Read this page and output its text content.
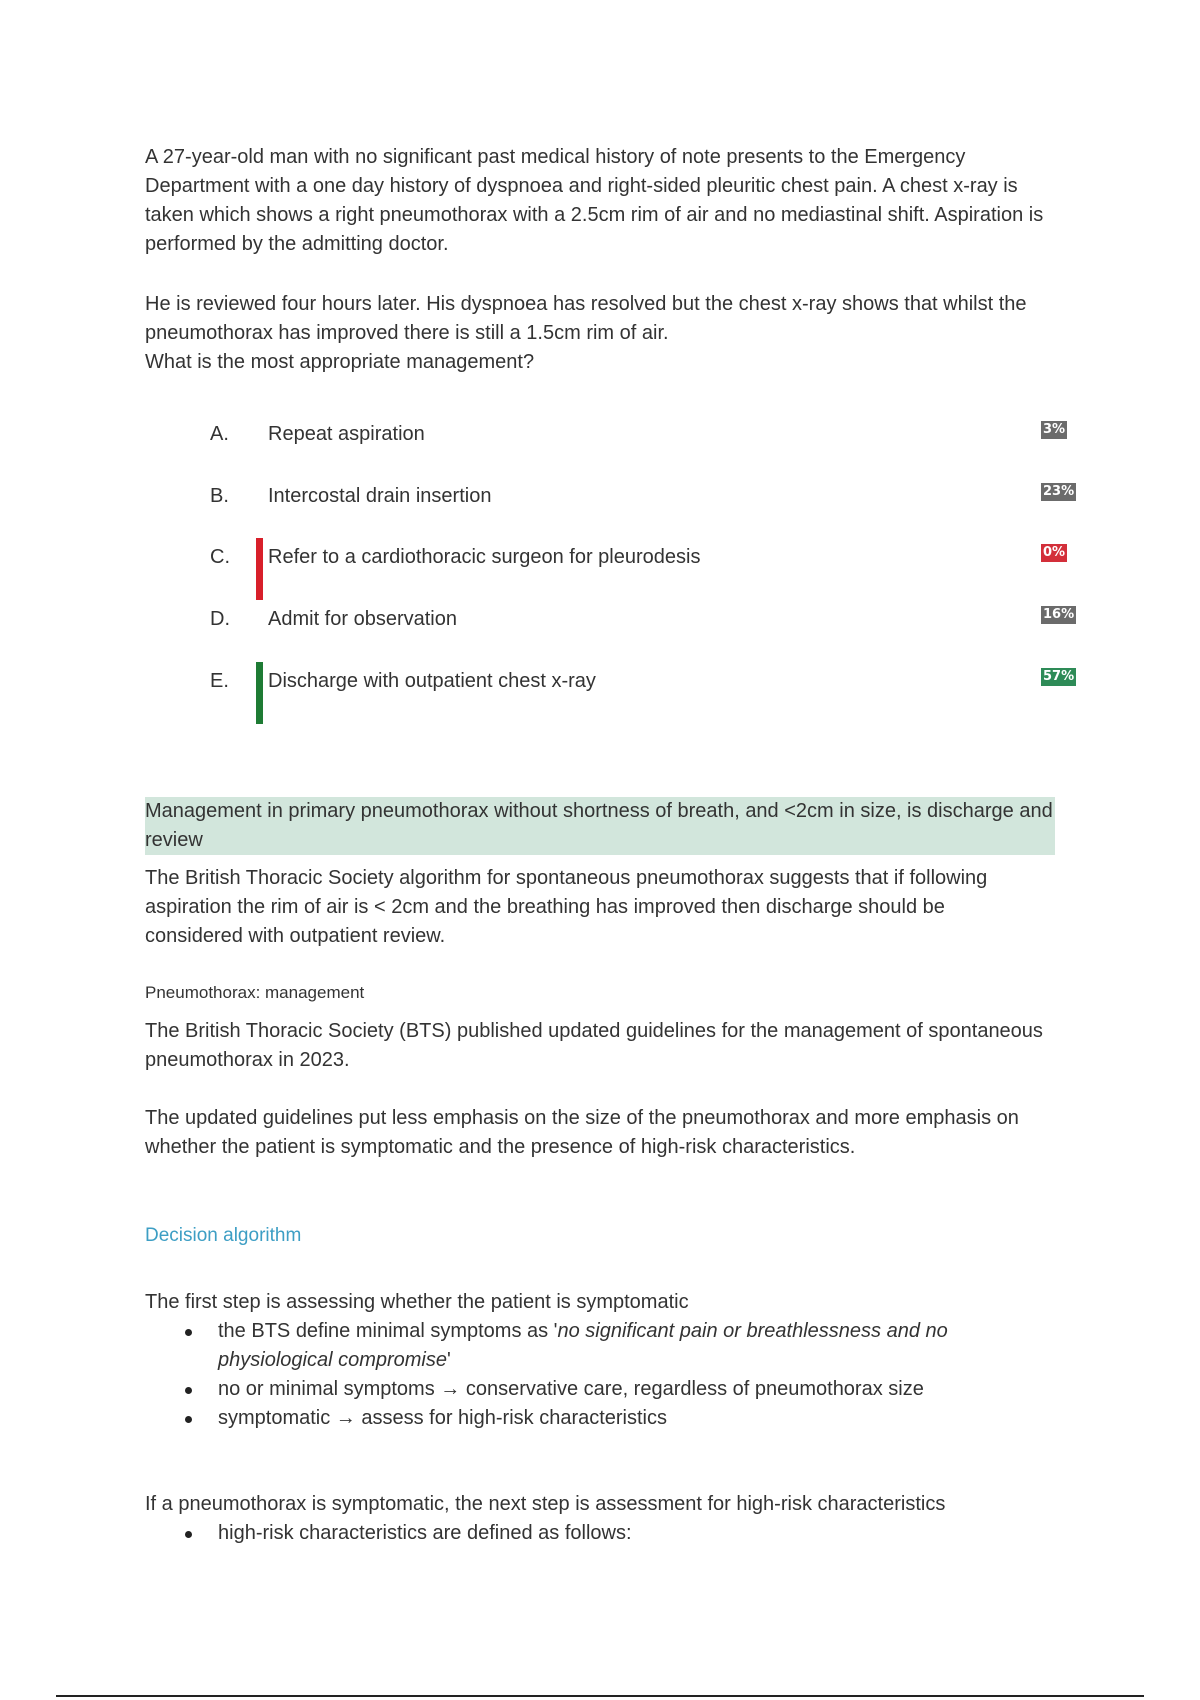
A 27-year-old man with no significant past medical history of note presents to the Emergency Department with a one day history of dyspnoea and right-sided pleuritic chest pain. A chest x-ray is taken which shows a right pneumothorax with a 2.5cm rim of air and no mediastinal shift. Aspiration is performed by the admitting doctor.

He is reviewed four hours later. His dyspnoea has resolved but the chest x-ray shows that whilst the pneumothorax has improved there is still a 1.5cm rim of air.

What is the most appropriate management?

A. Repeat aspiration	3%
B. Intercostal drain insertion	23%
C. Refer to a cardiothoracic surgeon for pleurodesis	0%
D. Admit for observation	16%
E. Discharge with outpatient chest x-ray	57%

Management in primary pneumothorax without shortness of breath, and <2cm in size, is discharge and review

The British Thoracic Society algorithm for spontaneous pneumothorax suggests that if following aspiration the rim of air is < 2cm and the breathing has improved then discharge should be considered with outpatient review.

Pneumothorax: management

The British Thoracic Society (BTS) published updated guidelines for the management of spontaneous pneumothorax in 2023.

The updated guidelines put less emphasis on the size of the pneumothorax and more emphasis on whether the patient is symptomatic and the presence of high-risk characteristics.

Decision algorithm

The first step is assessing whether the patient is symptomatic

the BTS define minimal symptoms as 'no significant pain or breathlessness and no physiological compromise'
no or minimal symptoms → conservative care, regardless of pneumothorax size
symptomatic → assess for high-risk characteristics

If a pneumothorax is symptomatic, the next step is assessment for high-risk characteristics

high-risk characteristics are defined as follows:
